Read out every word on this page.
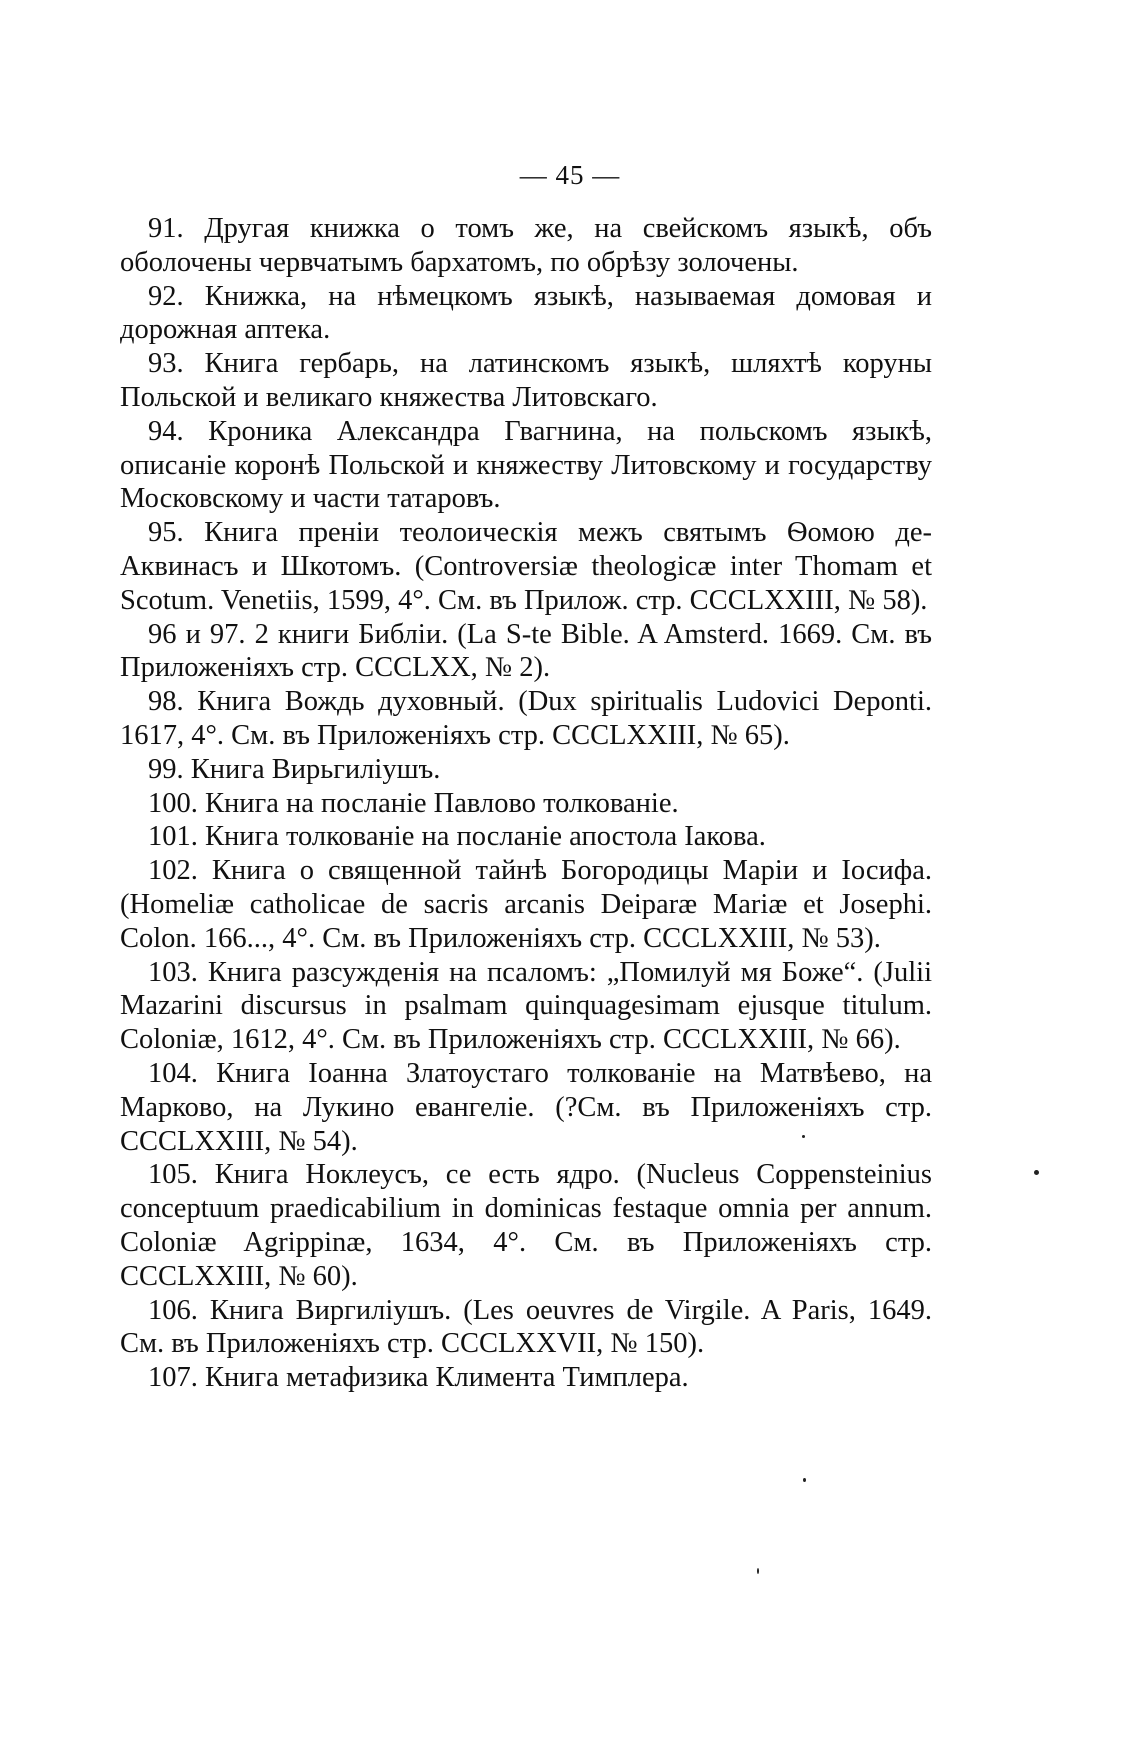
— 45 —

91. Другая книжка о томъ же, на свейскомъ языкѣ, объ оболочены червчатымъ бархатомъ, по обрѣзу золочены.

92. Книжка, на нѣмецкомъ языкѣ, называемая домовая и дорожная аптека.

93. Книга гербарь, на латинскомъ языкѣ, шляхтѣ коруны Польской и великаго княжества Литовскаго.

94. Кроника Александра Гвагнина, на польскомъ языкѣ, описаніе коронѣ Польской и княжеству Литовскому и государству Московскому и части татаровъ.

95. Книга преніи теолоическія межъ святымъ Ѳомою де-Аквинасъ и Шкотомъ. (Controversiæ theologicæ inter Thomam et Scotum. Venetiis, 1599, 4°. См. въ Прилож. стр. CCCLXXIII, № 58).

96 и 97. 2 книги Библіи. (La S-te Bible. A Amsterd. 1669. См. въ Приложеніяхъ стр. CCCLXX, № 2).

98. Книга Вождь духовный. (Dux spiritualis Ludovici Deponti. 1617, 4°. См. въ Приложеніяхъ стр. CCCLXXIII, № 65).

99. Книга Вирьгиліушъ.

100. Книга на посланіе Павлово толкованіе.

101. Книга толкованіе на посланіе апостола Іакова.

102. Книга о священной тайнѣ Богородицы Маріи и Іосифа. (Homeliæ catholicae de sacris arcanis Deiparæ Mariæ et Josephi. Colon. 166..., 4°. См. въ Приложеніяхъ стр. CCCLXXIII, № 53).

103. Книга разсужденія на псаломъ: „Помилуй мя Боже“. (Julii Mazarini discursus in psalmam quinquagesimam ejusque titulum. Coloniæ, 1612, 4°. См. въ Приложеніяхъ стр. CCCLXXIII, № 66).

104. Книга Іоанна Златоустаго толкованіе на Матвѣево, на Марково, на Лукино евангеліе. (?См. въ Приложеніяхъ стр. CCCLXXIII, № 54).

105. Книга Ноклеусъ, се есть ядро. (Nucleus Coppensteinius conceptuum praedicabilium in dominicas festaque omnia per annum. Coloniæ Agrippinæ, 1634, 4°. См. въ Приложеніяхъ стр. CCCLXXIII, № 60).

106. Книга Виргиліушъ. (Les oeuvres de Virgile. A Paris, 1649. См. въ Приложеніяхъ стр. CCCLXXVII, № 150).

107. Книга метафизика Климента Тимплера.
